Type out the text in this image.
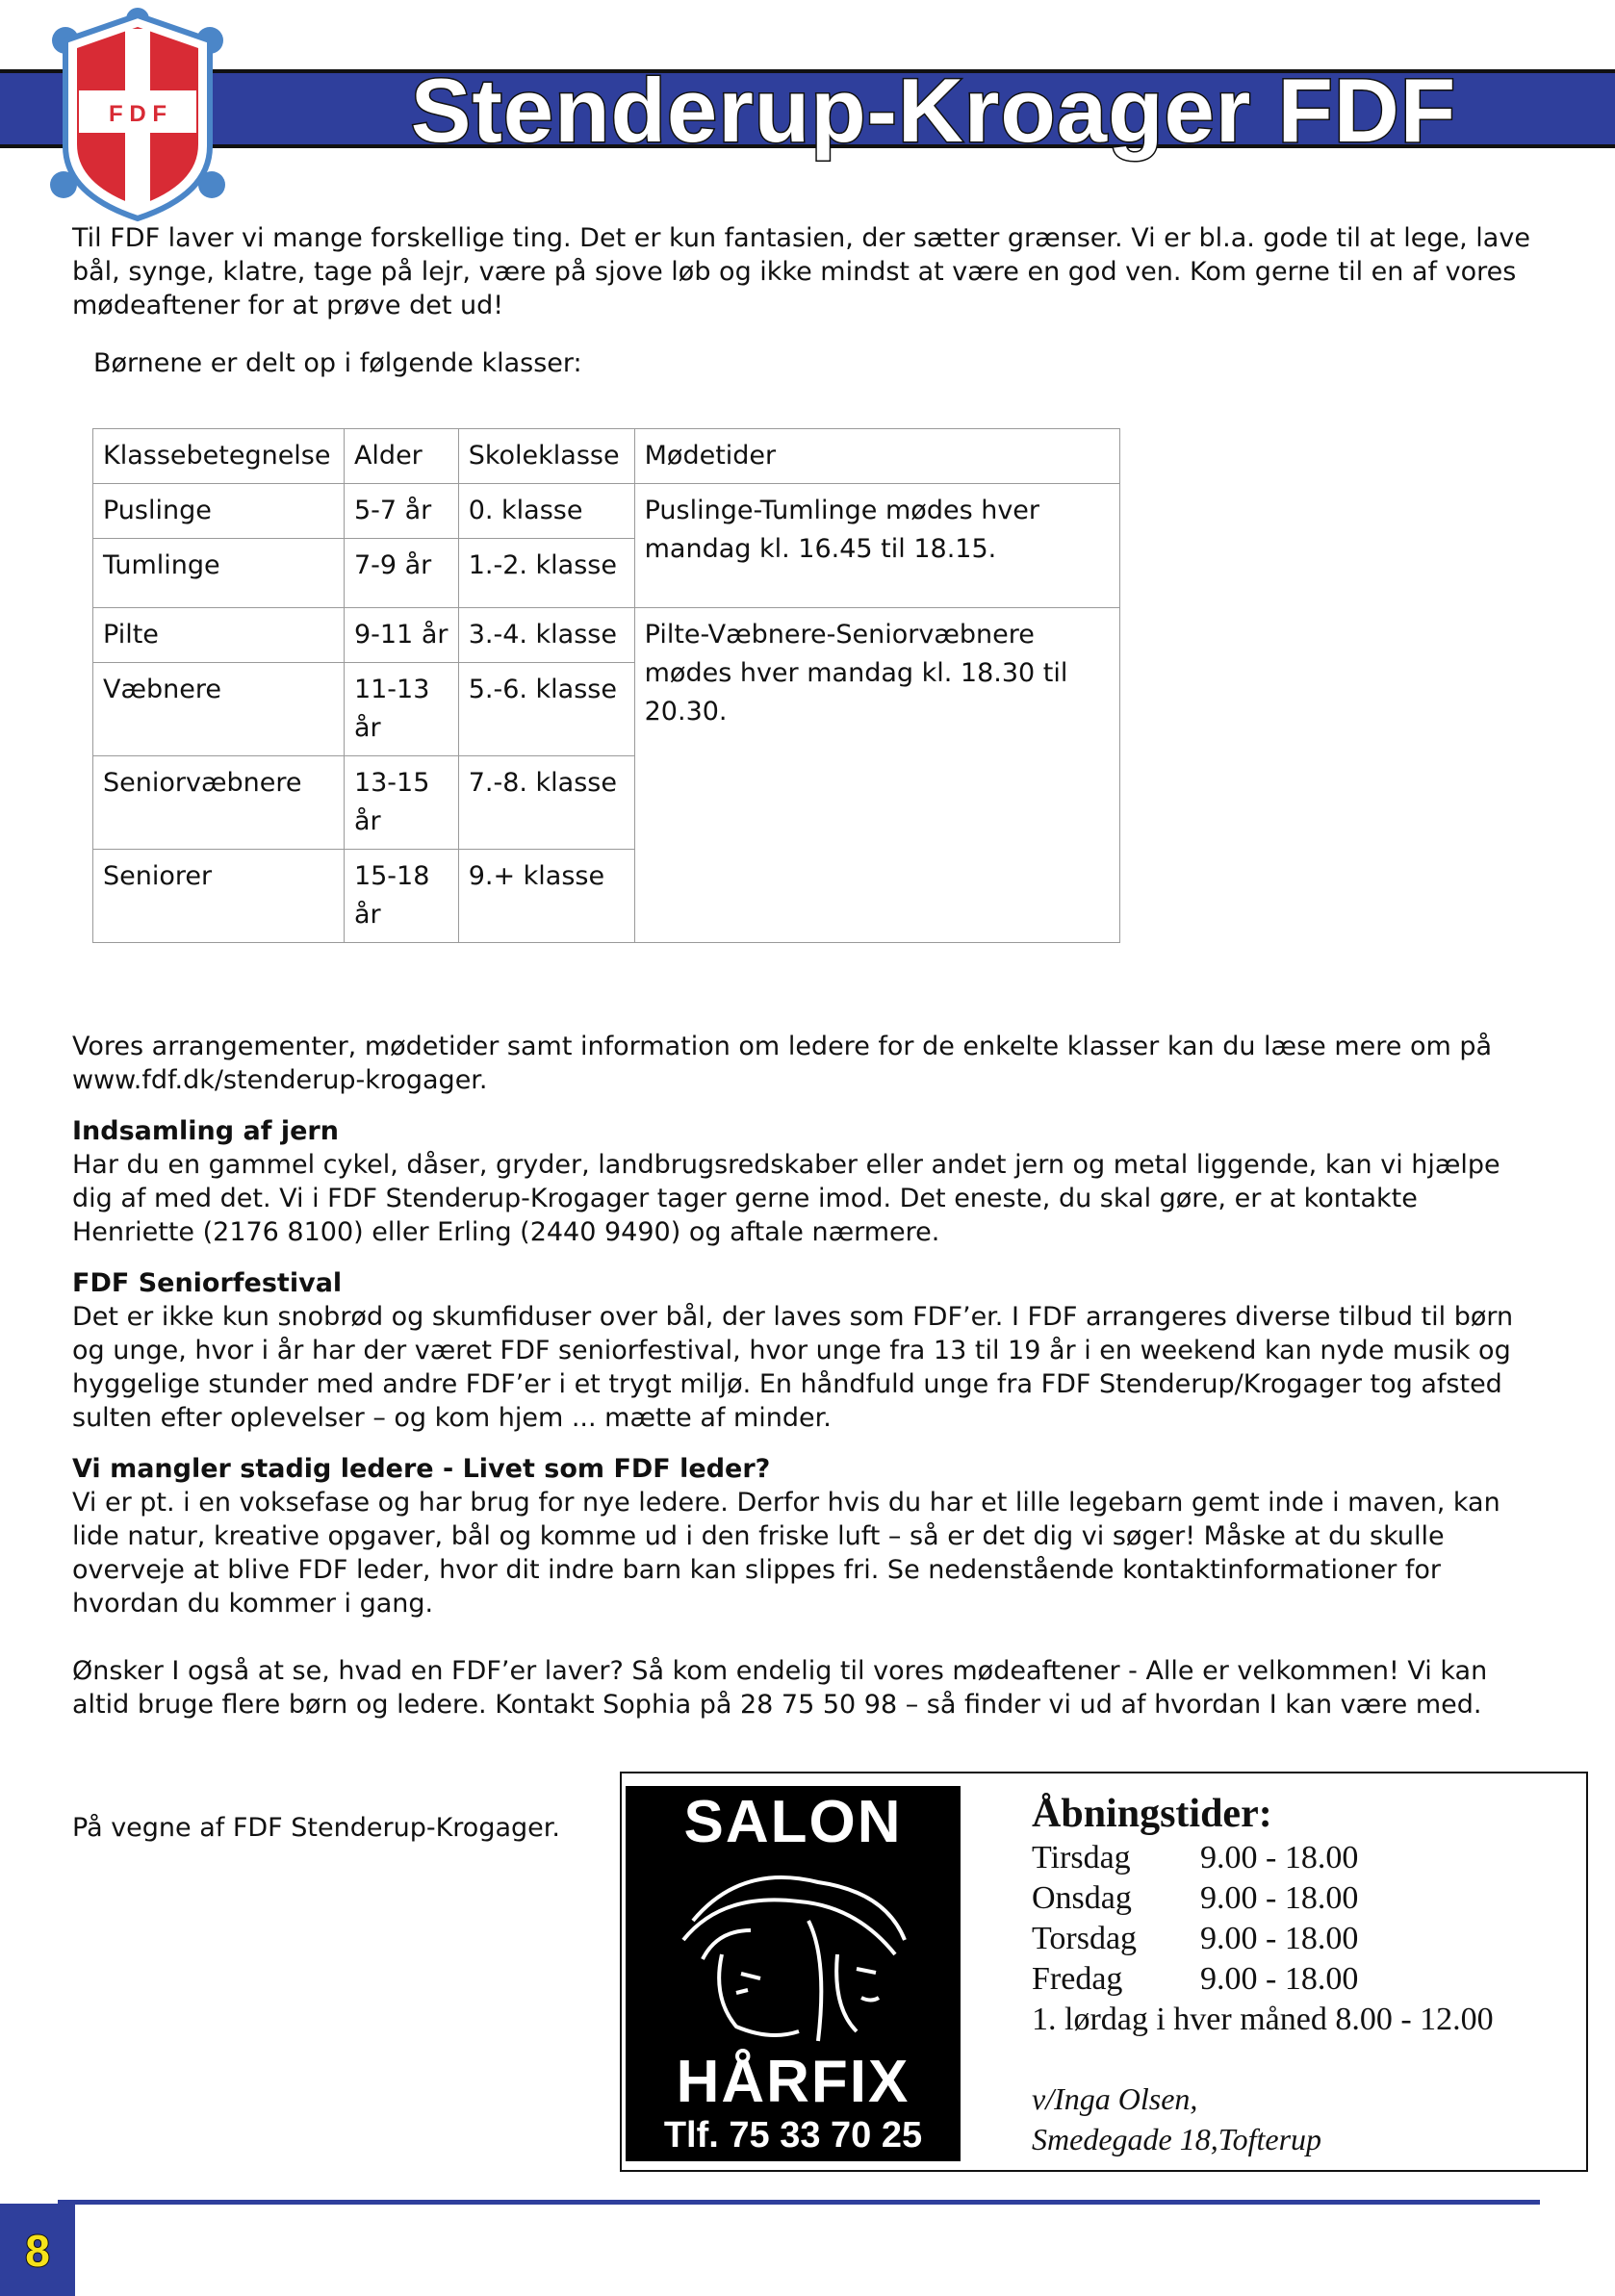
Stenderup-Kroager FDF
F D F

Til FDF laver vi mange forskellige ting. Det er kun fantasien, der sætter grænser. Vi er bl.a. gode til at lege, lave bål, synge, klatre, tage på lejr, være på sjove løb og ikke mindst at være en god ven. Kom gerne til en af vores mødeaftener for at prøve det ud!

Børnene er delt op i følgende klasser:
Klassebetegnelse	Alder	Skoleklasse	Mødetider
Puslinge	5-7 år	0. klasse	Puslinge-Tumlinge mødes hver mandag kl. 16.45 til 18.15.
Tumlinge	7-9 år	1.-2. klasse	
Pilte	9-11 år	3.-4. klasse	Pilte-Væbnere-Seniorvæbnere mødes hver mandag kl. 18.30 til 20.30.
Væbnere	11-13 år	5.-6. klasse	
Seniorvæbnere	13-15 år	7.-8. klasse	
Seniorer	15-18 år	9.+ klasse	

Vores arrangementer, mødetider samt information om ledere for de enkelte klasser kan du læse mere om på www.fdf.dk/stenderup-krogager.

Indsamling af jern

Har du en gammel cykel, dåser, gryder, landbrugsredskaber eller andet jern og metal liggende, kan vi hjælpe dig af med det. Vi i FDF Stenderup-Krogager tager gerne imod. Det eneste, du skal gøre, er at kontakte Henriette (2176 8100) eller Erling (2440 9490) og aftale nærmere.

FDF Seniorfestival

Det er ikke kun snobrød og skumfiduser over bål, der laves som FDF’er. I FDF arrangeres diverse tilbud til børn og unge, hvor i år har der været FDF seniorfestival, hvor unge fra 13 til 19 år i en weekend kan nyde musik og hyggelige stunder med andre FDF’er i et trygt miljø. En håndfuld unge fra FDF Stenderup/Krogager tog afsted sulten efter oplevelser – og kom hjem ... mætte af minder.

Vi mangler stadig ledere - Livet som FDF leder?

Vi er pt. i en voksefase og har brug for nye ledere. Derfor hvis du har et lille legebarn gemt inde i maven, kan lide natur, kreative opgaver, bål og komme ud i den friske luft – så er det dig vi søger! Måske at du skulle overveje at blive FDF leder, hvor dit indre barn kan slippes fri. Se nedenstående kontaktinformationer for hvordan du kommer i gang.

Ønsker I også at se, hvad en FDF’er laver? Så kom endelig til vores mødeaftener - Alle er velkommen! Vi kan altid bruge flere børn og ledere. Kontakt Sophia på 28 75 50 98 – så finder vi ud af hvordan I kan være med.

På vegne af FDF Stenderup-Krogager.	SALON
HÅRFIX
Tlf. 75 33 70 25
Åbningstider:
Tirsdag	9.00 - 18.00
Onsdag	9.00 - 18.00
Torsdag	9.00 - 18.00
Fredag	9.00 - 18.00
1. lørdag i hver måned 8.00 - 12.00
v/Inga Olsen,
Smedegade 18,Tofterup
8
